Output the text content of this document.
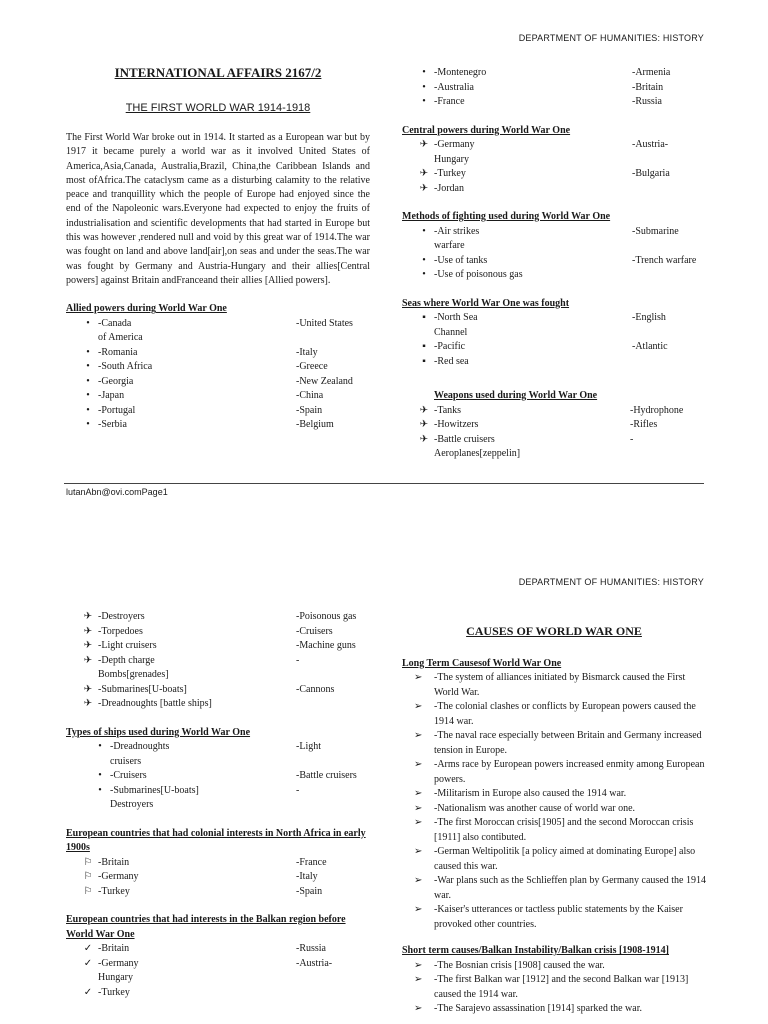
DEPARTMENT OF HUMANITIES: HISTORY
INTERNATIONAL AFFAIRS 2167/2
THE FIRST WORLD WAR 1914-1918
The First World War broke out in 1914. It started as a European war but by 1917 it became purely a world war as it involved United States of America,Asia,Canada, Australia,Brazil, China,the Caribbean Islands and most ofAfrica.The cataclysm came as a disturbing calamity to the relative peace and tranquillity which the people of Europe had enjoyed since the end of the Napoleonic wars.Everyone had expected to enjoy the fruits of industrialisation and scientific developments that had started in Europe but this was however ,rendered null and void by this great war of 1914.The war was fought on land and above land[air],on seas and under the seas.The war was fought by Germany and Austria-Hungary and their allies[Central powers] against Britain andFranceand their allies [Allied powers].
Allied powers during World War One
• -Canada	-United States
of America
• -Romania	-Italy
• -South Africa	-Greece
• -Georgia	-New Zealand
• -Japan	-China
• -Portugal	-Spain
• -Serbia	-Belgium
• -Montenegro	-Armenia
• -Australia	-Britain
• -France	-Russia
Central powers during World War One
✈ -Germany	-Austria-
Hungary
✈ -Turkey	-Bulgaria
✈ -Jordan
Methods of fighting used during World War One
• -Air strikes	-Submarine
warfare
• -Use of tanks	-Trench warfare
• -Use of poisonous gas
Seas where World War One was fought
▪ -North Sea	-English
Channel
▪ -Pacific	-Atlantic
▪ -Red sea
Weapons used during World War One
✈ -Tanks	-Hydrophone
✈ -Howitzers	-Rifles
✈ -Battle cruisers	-
Aeroplanes[zeppelin]
lutanAbn@ovi.comPage1
DEPARTMENT OF HUMANITIES: HISTORY
✈ -Destroyers	-Poisonous gas
✈ -Torpedoes	-Cruisers
✈ -Light cruisers	-Machine guns
✈ -Depth charge	-
Bombs[grenades]
✈ -Submarines[U-boats]	-Cannons
✈ -Dreadnoughts [battle ships]
Types of ships used during World War One
• -Dreadnoughts	-Light
cruisers
• -Cruisers	-Battle cruisers
• -Submarines[U-boats]	-
Destroyers
European countries that had colonial interests in North Africa in early 1900s
⚐ -Britain	-France
⚐ -Germany	-Italy
⚐ -Turkey	-Spain
European countries that had interests in the Balkan region before World War One
✓ -Britain	-Russia
✓ -Germany	-Austria-
Hungary
✓ -Turkey
CAUSES OF WORLD WAR ONE
Long Term Causesof World War One
➢ -The system of alliances initiated by Bismarck caused the First World War.
➢ -The colonial clashes or conflicts by European powers caused the 1914 war.
➢ -The naval race especially between Britain and Germany increased tension in Europe.
➢ -Arms race by European powers increased enmity among European powers.
➢ -Militarism in Europe also caused the 1914 war.
➢ -Nationalism was another cause of world war one.
➢ -The first Moroccan crisis[1905] and the second Moroccan crisis [1911] also contibuted.
➢ -German Weltipolitik [a policy aimed at dominating Europe] also caused this war.
➢ -War plans such as the Schlieffen plan by Germany caused the 1914 war.
➢ -Kaiser's utterances or tactless public statements by the Kaiser provoked other countries.
Short term causes/Balkan Instability/Balkan crisis [1908-1914]
➢ -The Bosnian crisis [1908] caused the war.
➢ -The first Balkan war [1912] and the second Balkan war [1913] caused the 1914 war.
➢ -The Sarajevo assassination [1914] sparked the war.
